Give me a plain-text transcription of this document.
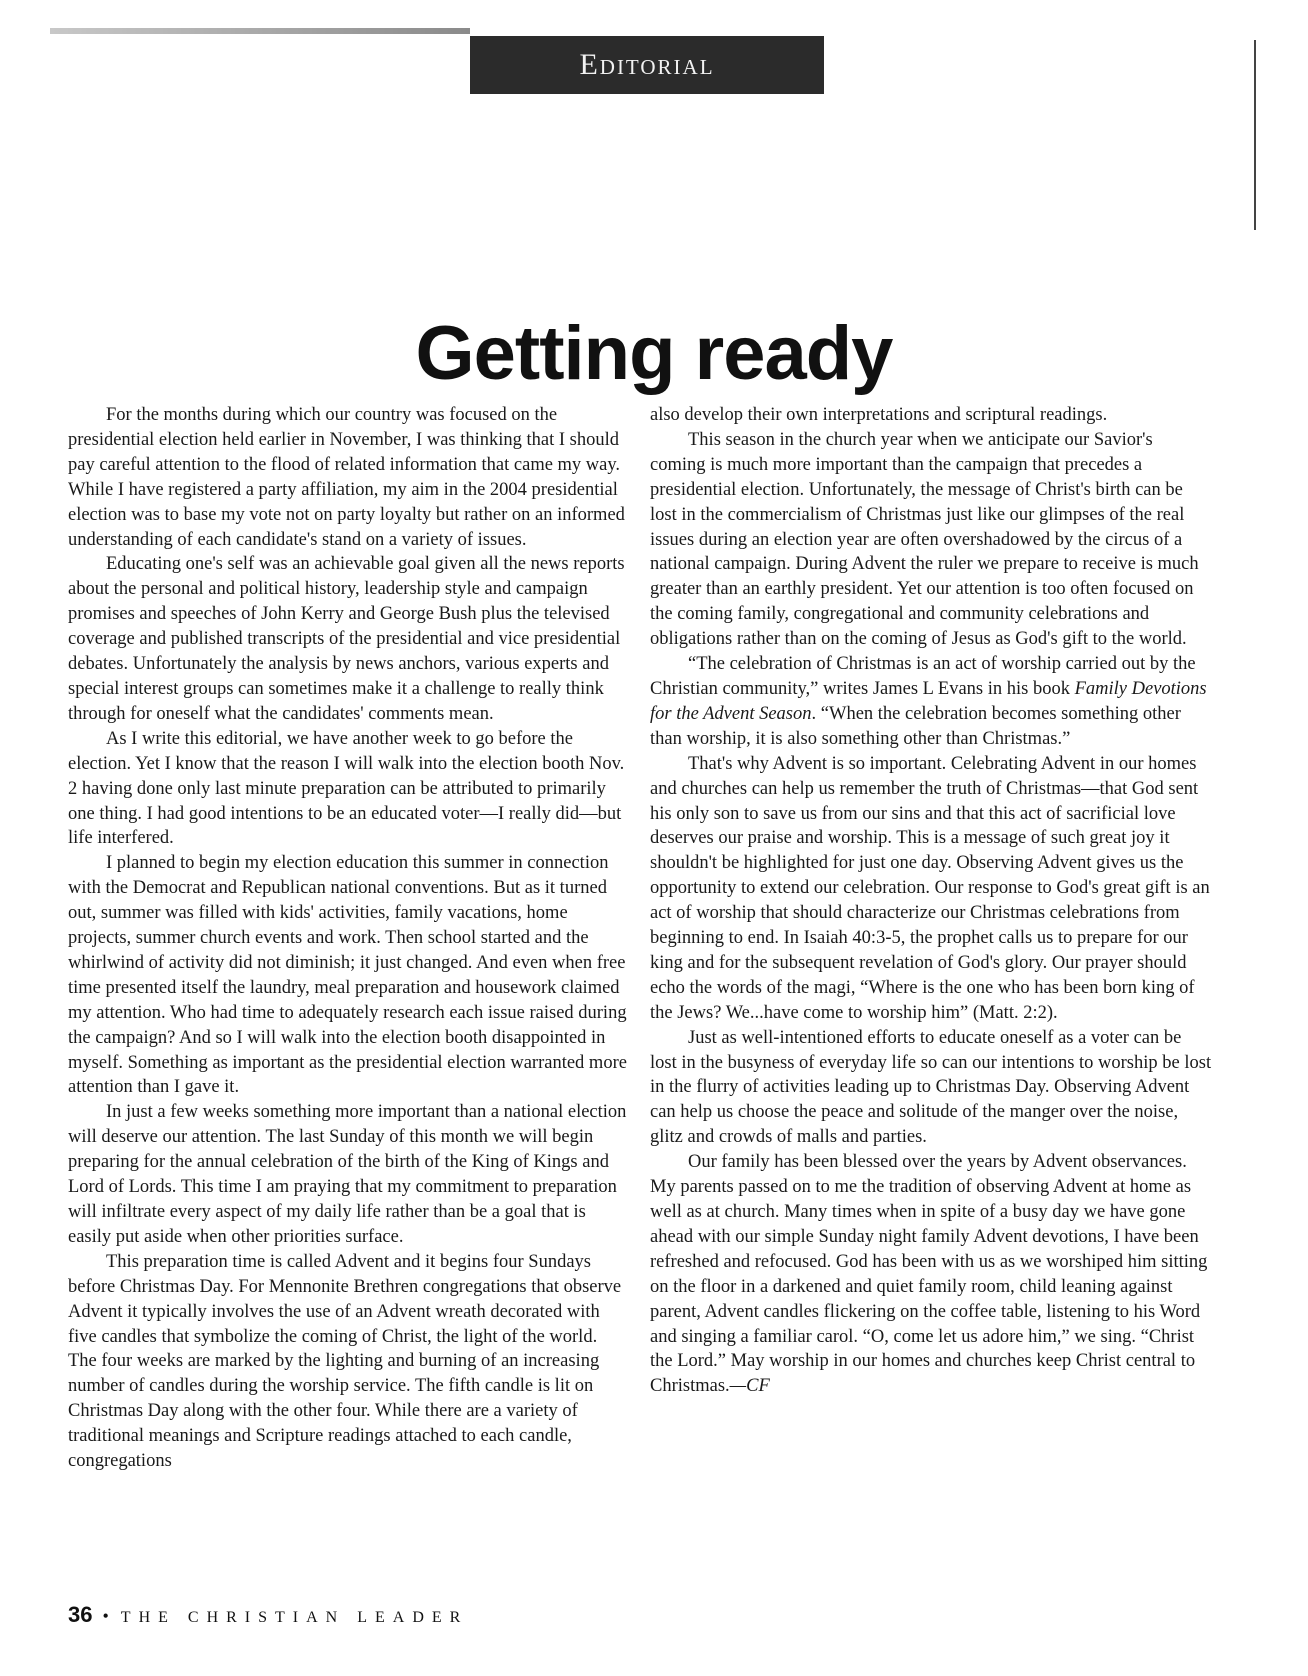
Editorial
Getting ready

For the months during which our country was focused on the presidential election held earlier in November, I was thinking that I should pay careful attention to the flood of related information that came my way. While I have registered a party affiliation, my aim in the 2004 presidential election was to base my vote not on party loyalty but rather on an informed understanding of each candidate's stand on a variety of issues.

Educating one's self was an achievable goal given all the news reports about the personal and political history, leadership style and campaign promises and speeches of John Kerry and George Bush plus the televised coverage and published transcripts of the presidential and vice presidential debates. Unfortunately the analysis by news anchors, various experts and special interest groups can sometimes make it a challenge to really think through for oneself what the candidates' comments mean.

As I write this editorial, we have another week to go before the election. Yet I know that the reason I will walk into the election booth Nov. 2 having done only last minute preparation can be attributed to primarily one thing. I had good intentions to be an educated voter—I really did—but life interfered.

I planned to begin my election education this summer in connection with the Democrat and Republican national conventions. But as it turned out, summer was filled with kids' activities, family vacations, home projects, summer church events and work. Then school started and the whirlwind of activity did not diminish; it just changed. And even when free time presented itself the laundry, meal preparation and housework claimed my attention. Who had time to adequately research each issue raised during the campaign? And so I will walk into the election booth disappointed in myself. Something as important as the presidential election warranted more attention than I gave it.

In just a few weeks something more important than a national election will deserve our attention. The last Sunday of this month we will begin preparing for the annual celebration of the birth of the King of Kings and Lord of Lords. This time I am praying that my commitment to preparation will infiltrate every aspect of my daily life rather than be a goal that is easily put aside when other priorities surface.

This preparation time is called Advent and it begins four Sundays before Christmas Day. For Mennonite Brethren congregations that observe Advent it typically involves the use of an Advent wreath decorated with five candles that symbolize the coming of Christ, the light of the world. The four weeks are marked by the lighting and burning of an increasing number of candles during the worship service. The fifth candle is lit on Christmas Day along with the other four. While there are a variety of traditional meanings and Scripture readings attached to each candle, congregations

also develop their own interpretations and scriptural readings.

This season in the church year when we anticipate our Savior's coming is much more important than the campaign that precedes a presidential election. Unfortunately, the message of Christ's birth can be lost in the commercialism of Christmas just like our glimpses of the real issues during an election year are often overshadowed by the circus of a national campaign. During Advent the ruler we prepare to receive is much greater than an earthly president. Yet our attention is too often focused on the coming family, congregational and community celebrations and obligations rather than on the coming of Jesus as God's gift to the world.

“The celebration of Christmas is an act of worship carried out by the Christian community,” writes James L Evans in his book Family Devotions for the Advent Season. “When the celebration becomes something other than worship, it is also something other than Christmas.”

That's why Advent is so important. Celebrating Advent in our homes and churches can help us remember the truth of Christmas—that God sent his only son to save us from our sins and that this act of sacrificial love deserves our praise and worship. This is a message of such great joy it shouldn't be highlighted for just one day. Observing Advent gives us the opportunity to extend our celebration. Our response to God's great gift is an act of worship that should characterize our Christmas celebrations from beginning to end. In Isaiah 40:3-5, the prophet calls us to prepare for our king and for the subsequent revelation of God's glory. Our prayer should echo the words of the magi, “Where is the one who has been born king of the Jews? We...have come to worship him” (Matt. 2:2).

Just as well-intentioned efforts to educate oneself as a voter can be lost in the busyness of everyday life so can our intentions to worship be lost in the flurry of activities leading up to Christmas Day. Observing Advent can help us choose the peace and solitude of the manger over the noise, glitz and crowds of malls and parties.

Our family has been blessed over the years by Advent observances. My parents passed on to me the tradition of observing Advent at home as well as at church. Many times when in spite of a busy day we have gone ahead with our simple Sunday night family Advent devotions, I have been refreshed and refocused. God has been with us as we worshiped him sitting on the floor in a darkened and quiet family room, child leaning against parent, Advent candles flickering on the coffee table, listening to his Word and singing a familiar carol. “O, come let us adore him,” we sing. “Christ the Lord.” May worship in our homes and churches keep Christ central to Christmas.—CF

36 • THE CHRISTIAN LEADER
